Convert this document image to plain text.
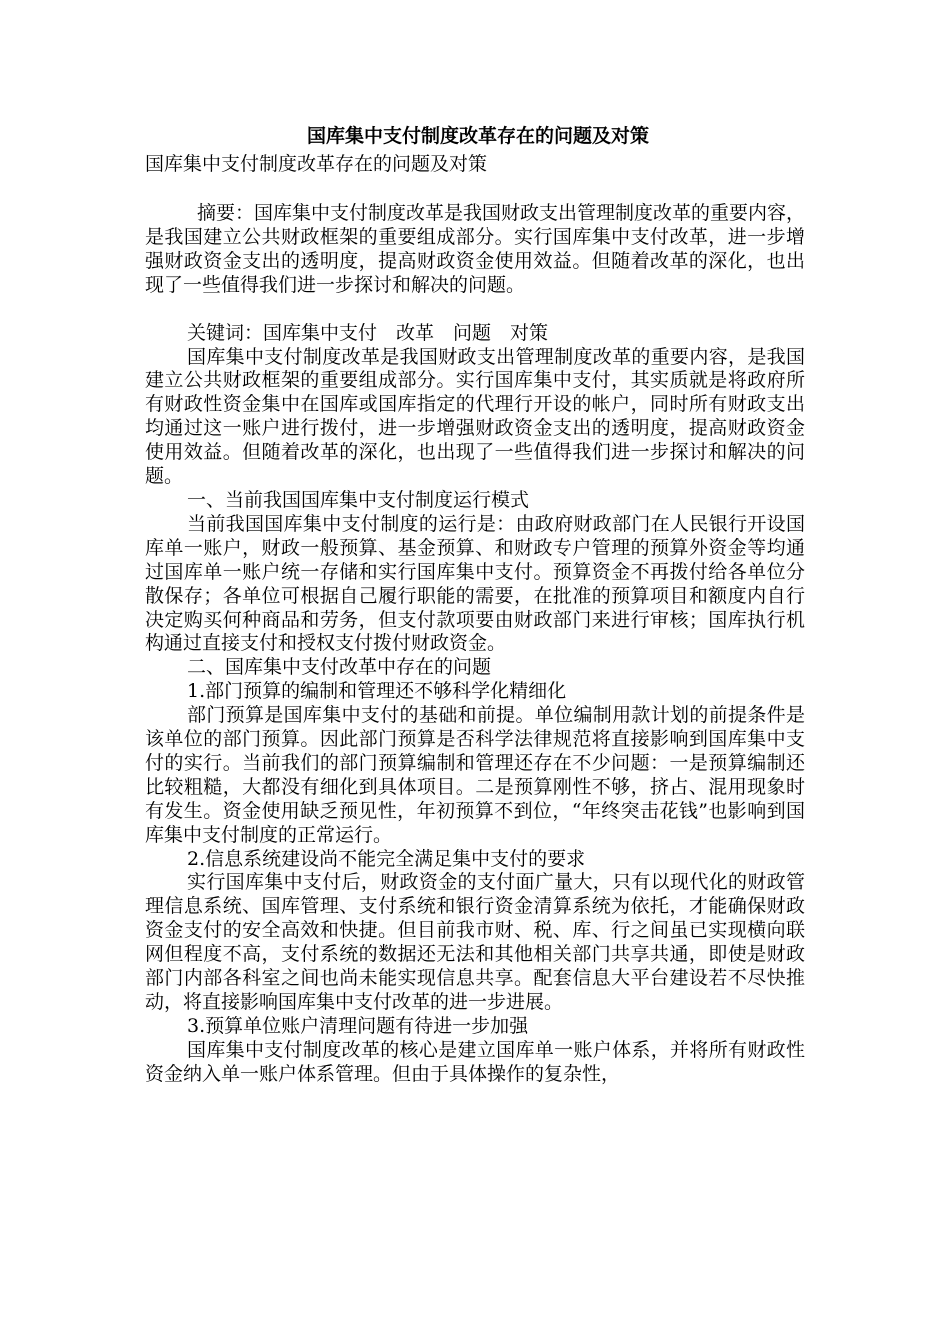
国库集中支付制度改革存在的问题及对策

国库集中支付制度改革存在的问题及对策

摘要：国库集中支付制度改革是我国财政支出管理制度改革的重要内容，是我国建立公共财政框架的重要组成部分。实行国库集中支付改革，进一步增强财政资金支出的透明度，提高财政资金使用效益。但随着改革的深化，也出现了一些值得我们进一步探讨和解决的问题。

关键词：国库集中支付　改革　问题　对策

国库集中支付制度改革是我国财政支出管理制度改革的重要内容，是我国建立公共财政框架的重要组成部分。实行国库集中支付，其实质就是将政府所有财政性资金集中在国库或国库指定的代理行开设的帐户，同时所有财政支出均通过这一账户进行拨付，进一步增强财政资金支出的透明度，提高财政资金使用效益。但随着改革的深化，也出现了一些值得我们进一步探讨和解决的问题。

一、当前我国国库集中支付制度运行模式

当前我国国库集中支付制度的运行是：由政府财政部门在人民银行开设国库单一账户，财政一般预算、基金预算、和财政专户管理的预算外资金等均通过国库单一账户统一存储和实行国库集中支付。预算资金不再拨付给各单位分散保存；各单位可根据自己履行职能的需要，在批准的预算项目和额度内自行决定购买何种商品和劳务，但支付款项要由财政部门来进行审核；国库执行机构通过直接支付和授权支付拨付财政资金。

二、国库集中支付改革中存在的问题

1.部门预算的编制和管理还不够科学化精细化

部门预算是国库集中支付的基础和前提。单位编制用款计划的前提条件是该单位的部门预算。因此部门预算是否科学法律规范将直接影响到国库集中支付的实行。当前我们的部门预算编制和管理还存在不少问题：一是预算编制还比较粗糙，大都没有细化到具体项目。二是预算刚性不够，挤占、混用现象时有发生。资金使用缺乏预见性，年初预算不到位，“年终突击花钱”也影响到国库集中支付制度的正常运行。

2.信息系统建设尚不能完全满足集中支付的要求

实行国库集中支付后，财政资金的支付面广量大，只有以现代化的财政管理信息系统、国库管理、支付系统和银行资金清算系统为依托，才能确保财政资金支付的安全高效和快捷。但目前我市财、税、库、行之间虽已实现横向联网但程度不高，支付系统的数据还无法和其他相关部门共享共通，即使是财政部门内部各科室之间也尚未能实现信息共享。配套信息大平台建设若不尽快推动，将直接影响国库集中支付改革的进一步进展。

3.预算单位账户清理问题有待进一步加强

国库集中支付制度改革的核心是建立国库单一账户体系，并将所有财政性资金纳入单一账户体系管理。但由于具体操作的复杂性，
